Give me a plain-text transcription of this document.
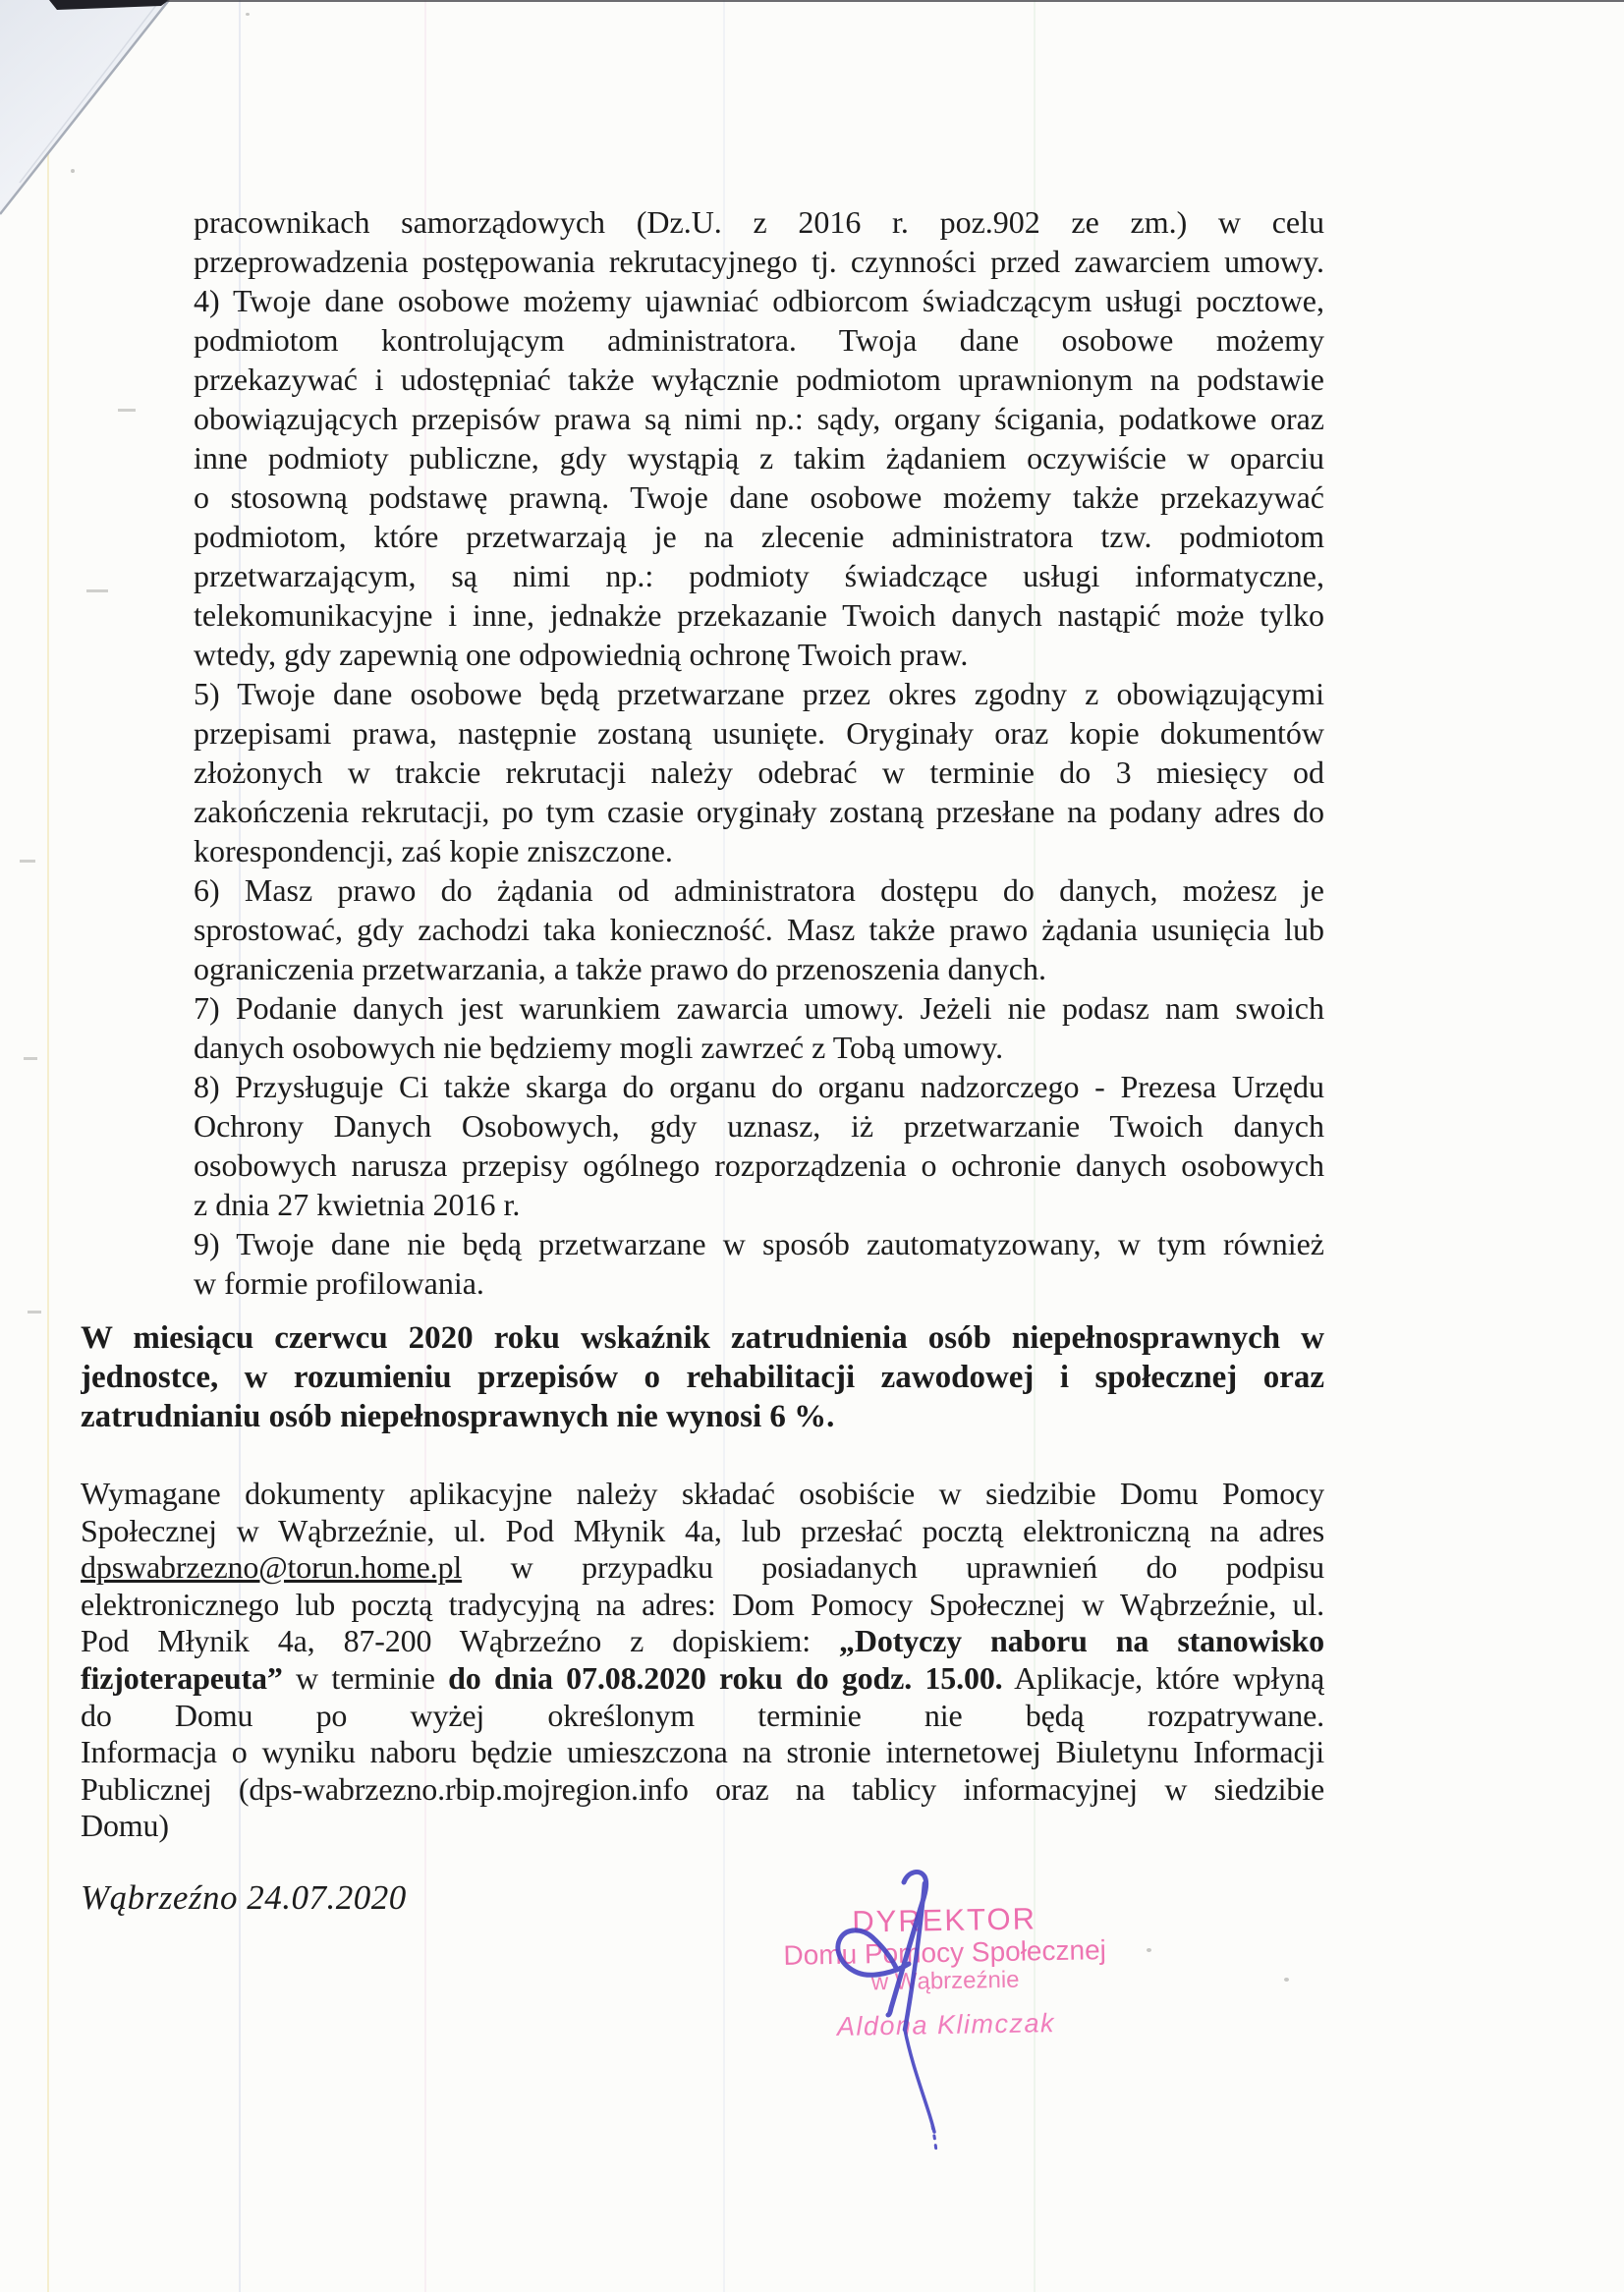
pracownikach samorządowych (Dz.U. z 2016 r. poz.902 ze zm.) w celu
przeprowadzenia postępowania rekrutacyjnego tj. czynności przed zawarciem umowy.
4) Twoje dane osobowe możemy ujawniać odbiorcom świadczącym usługi pocztowe,
podmiotom kontrolującym administratora. Twoja dane osobowe możemy
przekazywać i udostępniać także wyłącznie podmiotom uprawnionym na podstawie
obowiązujących przepisów prawa są nimi np.: sądy, organy ścigania, podatkowe oraz
inne podmioty publiczne, gdy wystąpią z takim żądaniem oczywiście w oparciu
o stosowną podstawę prawną. Twoje dane osobowe możemy także przekazywać
podmiotom, które przetwarzają je na zlecenie administratora tzw. podmiotom
przetwarzającym, są nimi np.: podmioty świadczące usługi informatyczne,
telekomunikacyjne i inne, jednakże przekazanie Twoich danych nastąpić może tylko
wtedy, gdy zapewnią one odpowiednią ochronę Twoich praw.
5) Twoje dane osobowe będą przetwarzane przez okres zgodny z obowiązującymi
przepisami prawa, następnie zostaną usunięte. Oryginały oraz kopie dokumentów
złożonych w trakcie rekrutacji należy odebrać w terminie do 3 miesięcy od
zakończenia rekrutacji, po tym czasie oryginały zostaną przesłane na podany adres do
korespondencji, zaś kopie zniszczone.
6) Masz prawo do żądania od administratora dostępu do danych, możesz je
sprostować, gdy zachodzi taka konieczność. Masz także prawo żądania usunięcia lub
ograniczenia przetwarzania, a także prawo do przenoszenia danych.
7) Podanie danych jest warunkiem zawarcia umowy. Jeżeli nie podasz nam swoich
danych osobowych nie będziemy mogli zawrzeć z Tobą umowy.
8) Przysługuje Ci także skarga do organu do organu nadzorczego - Prezesa Urzędu
Ochrony Danych Osobowych, gdy uznasz, iż przetwarzanie Twoich danych
osobowych narusza przepisy ogólnego rozporządzenia o ochronie danych osobowych
z dnia 27 kwietnia 2016 r.
9) Twoje dane nie będą przetwarzane w sposób zautomatyzowany, w tym również
w formie profilowania.
W miesiącu czerwcu 2020 roku wskaźnik zatrudnienia osób niepełnosprawnych w
jednostce, w rozumieniu przepisów o rehabilitacji zawodowej i społecznej oraz
zatrudnianiu osób niepełnosprawnych nie wynosi 6 %.
Wymagane dokumenty aplikacyjne należy składać osobiście w siedzibie Domu Pomocy
Społecznej w Wąbrzeźnie, ul. Pod Młynik 4a, lub przesłać pocztą elektroniczną na adres
dpswabrzezno@torun.home.pl w przypadku posiadanych uprawnień do podpisu
elektronicznego lub pocztą tradycyjną na adres: Dom Pomocy Społecznej w Wąbrzeźnie, ul.
Pod Młynik 4a, 87-200 Wąbrzeźno z dopiskiem: „Dotyczy naboru na stanowisko
fizjoterapeuta” w terminie do dnia 07.08.2020 roku do godz. 15.00. Aplikacje, które wpłyną
do Domu po wyżej określonym terminie nie będą rozpatrywane.
Informacja o wyniku naboru będzie umieszczona na stronie internetowej Biuletynu Informacji
Publicznej (dps-wabrzezno.rbip.mojregion.info oraz na tablicy informacyjnej w siedzibie
Domu)
Wąbrzeźno 24.07.2020
DYREKTOR
Domu Pomocy Społecznej
w Wąbrzeźnie
Aldona Klimczak
